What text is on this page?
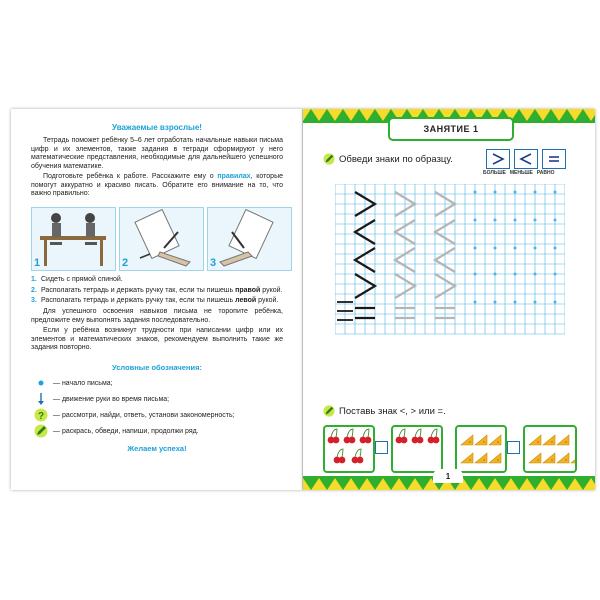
Уважаемые взрослые!
Тетрадь поможет ребёнку 5–6 лет отработать начальные навыки письма цифр и их элементов, также задания в тетради сформируют у него математические представления, необходимые для дальнейшего успешного обучения математике.
Подготовьте ребёнка к работе. Расскажите ему о правилах, которые помогут аккуратно и красиво писать. Обратите его внимание на то, что важно правильно:
1	2	3
1. Сидеть с прямой спиной.
2. Располагать тетрадь и держать ручку так, если ты пишешь правой рукой.
3. Располагать тетрадь и держать ручку так, если ты пишешь левой рукой.
Для успешного освоения навыков письма не торопите ребёнка, предложите ему выполнять задания последовательно.
Если у ребёнка возникнут трудности при написании цифр или их элементов и математических знаков, рекомендуем выполнить такие же задания повторно.
Условные обозначения:
— начало письма;
— движение руки во время письма;
? — рассмотри, найди, ответь, установи закономерность;
— раскрась, обведи, напиши, продолжи ряд.
Желаем успеха!
ЗАНЯТИЕ 1
Обведи знаки по образцу.
БОЛЬШЕ МЕНЬШЕ РАВНО
Поставь знак <, > или =.
1
